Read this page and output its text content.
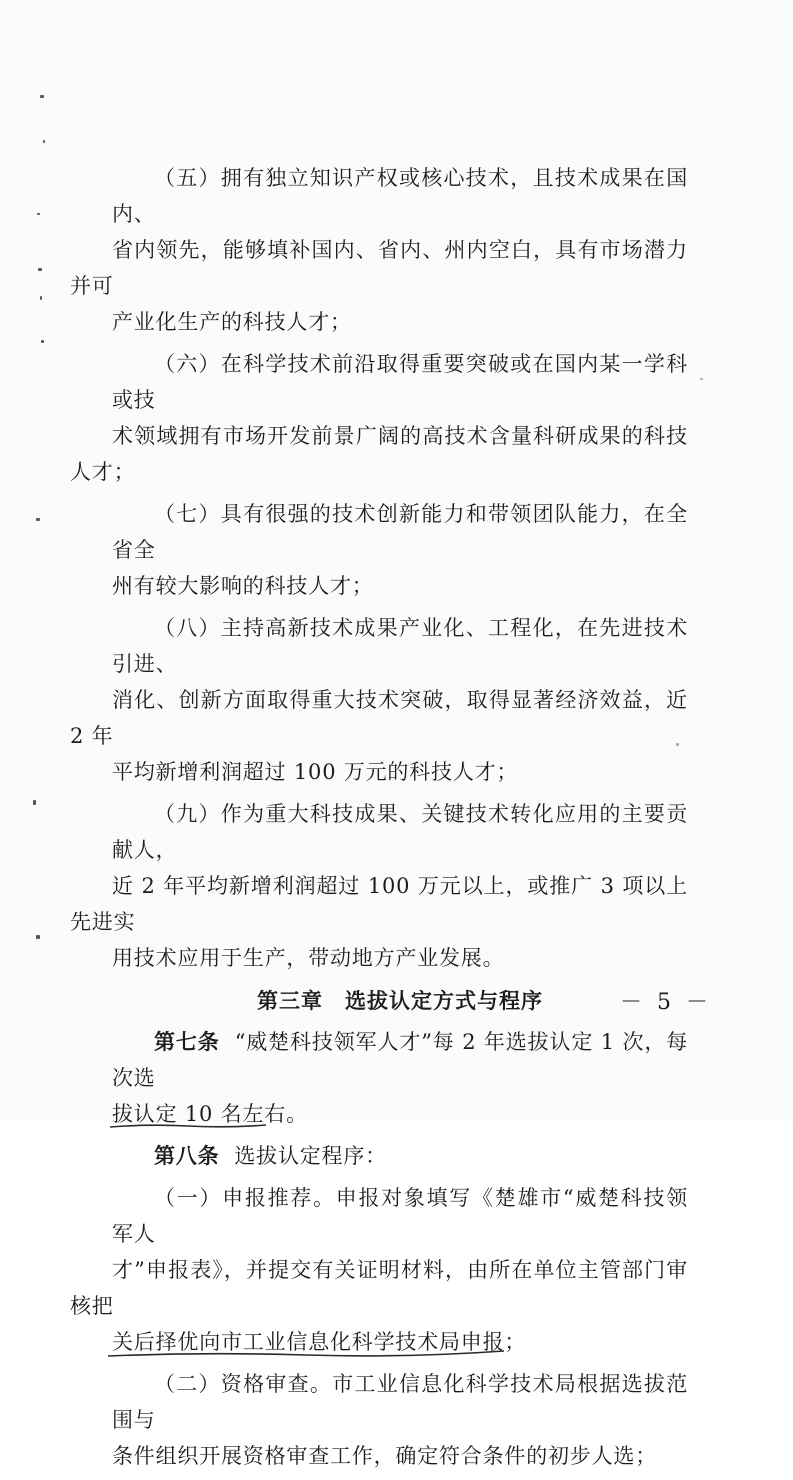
（五）拥有独立知识产权或核心技术，且技术成果在国内、
省内领先，能够填补国内、省内、州内空白，具有市场潜力并可
产业化生产的科技人才；

（六）在科学技术前沿取得重要突破或在国内某一学科或技
术领域拥有市场开发前景广阔的高技术含量科研成果的科技人才；

（七）具有很强的技术创新能力和带领团队能力，在全省全
州有较大影响的科技人才；

（八）主持高新技术成果产业化、工程化，在先进技术引进、
消化、创新方面取得重大技术突破，取得显著经济效益，近 2 年
平均新增利润超过 100 万元的科技人才；

（九）作为重大科技成果、关键技术转化应用的主要贡献人，
近 2 年平均新增利润超过 100 万元以上，或推广 3 项以上先进实
用技术应用于生产，带动地方产业发展。

第三章　选拔认定方式与程序

第七条 “威楚科技领军人才”每 2 年选拔认定 1 次，每次选
拔认定 10 名左右
。

第八条 选拔认定程序：

（一）申报推荐。申报对象填写《楚雄市“威楚科技领军人
才”申报表》，并提交有关证明材料，由所在单位主管部门审核把
关后择优向市工业信息化科学技术局申报
；

（二）资格审查。市工业信息化科学技术局根据选拔范围与
条件组织开展资格审查工作，确定符合条件的初步人选；

－ 5 －
